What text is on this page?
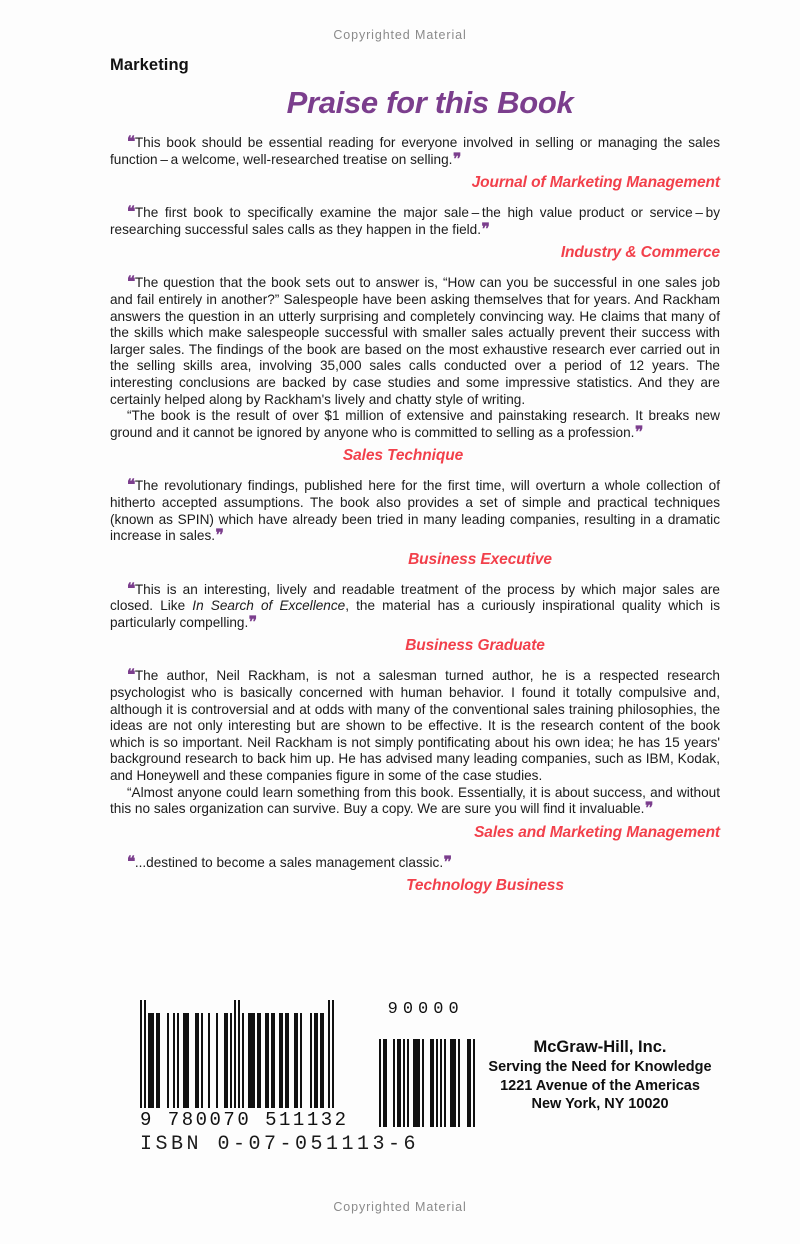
Copyrighted Material
Marketing
Praise for this Book

❝This book should be essential reading for everyone involved in selling or managing the sales function – a welcome, well-researched treatise on selling.❞

Journal of Marketing Management

❝The first book to specifically examine the major sale – the high value product or service – by researching successful sales calls as they happen in the field.❞

Industry & Commerce

❝The question that the book sets out to answer is, “How can you be successful in one sales job and fail entirely in another?” Salespeople have been asking themselves that for years. And Rackham answers the question in an utterly surprising and completely convincing way. He claims that many of the skills which make salespeople successful with smaller sales actually prevent their success with larger sales. The findings of the book are based on the most exhaustive research ever carried out in the selling skills area, involving 35,000 sales calls conducted over a period of 12 years. The interesting conclusions are backed by case studies and some impressive statistics. And they are certainly helped along by Rackham's lively and chatty style of writing.

“The book is the result of over $1 million of extensive and painstaking research. It breaks new ground and it cannot be ignored by anyone who is committed to selling as a profession.❞

Sales Technique

❝The revolutionary findings, published here for the first time, will overturn a whole collection of hitherto accepted assumptions. The book also provides a set of simple and practical techniques (known as SPIN) which have already been tried in many leading companies, resulting in a dramatic increase in sales.❞

Business Executive

❝This is an interesting, lively and readable treatment of the process by which major sales are closed. Like In Search of Excellence, the material has a curiously inspirational quality which is particularly compelling.❞

Business Graduate

❝The author, Neil Rackham, is not a salesman turned author, he is a respected research psychologist who is basically concerned with human behavior. I found it totally compulsive and, although it is controversial and at odds with many of the conventional sales training philosophies, the ideas are not only interesting but are shown to be effective. It is the research content of the book which is so important. Neil Rackham is not simply pontificating about his own idea; he has 15 years' background research to back him up. He has advised many leading companies, such as IBM, Kodak, and Honeywell and these companies figure in some of the case studies.

“Almost anyone could learn something from this book. Essentially, it is about success, and without this no sales organization can survive. Buy a copy. We are sure you will find it invaluable.❞

Sales and Marketing Management

❝...destined to become a sales management classic.❞

Technology Business
9 780070 511132
90000
ISBN 0-07-051113-6
McGraw-Hill, Inc.
Serving the Need for Knowledge
1221 Avenue of the Americas
New York, NY 10020
Copyrighted Material
